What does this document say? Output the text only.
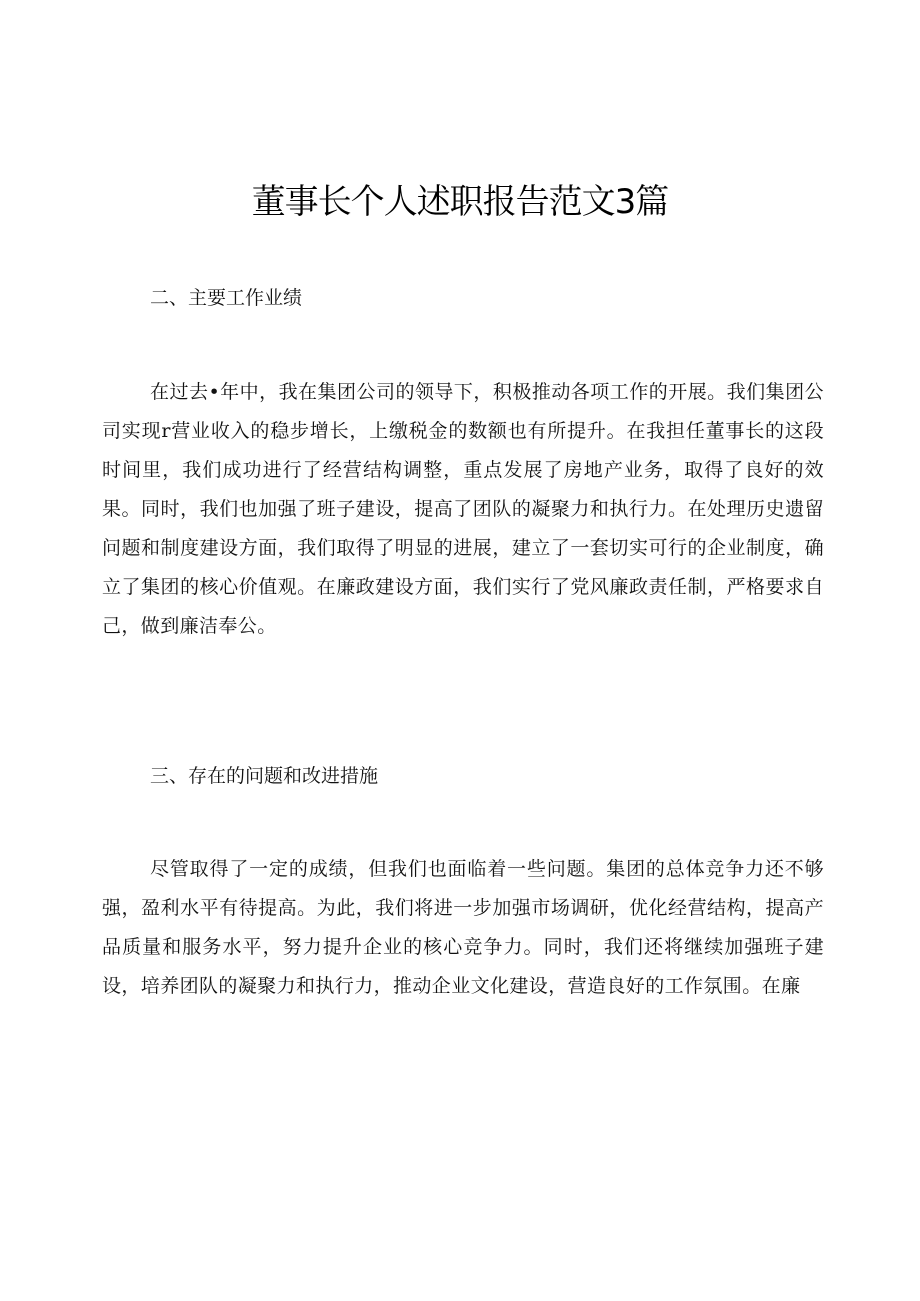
董事长个人述职报告范文3篇
二、主要工作业绩

在过去•年中，我在集团公司的领导下，积极推动各项工作的开展。我们集团公司实现r营业收入的稳步增长，上缴税金的数额也有所提升。在我担任董事长的这段时间里，我们成功进行了经营结构调整，重点发展了房地产业务，取得了良好的效果。同时，我们也加强了班子建设，提高了团队的凝聚力和执行力。在处理历史遗留问题和制度建设方面，我们取得了明显的进展，建立了一套切实可行的企业制度，确立了集团的核心价值观。在廉政建设方面，我们实行了党风廉政责任制，严格要求自己，做到廉洁奉公。

三、存在的问题和改进措施

尽管取得了一定的成绩，但我们也面临着一些问题。集团的总体竞争力还不够强，盈利水平有待提高。为此，我们将进一步加强市场调研，优化经营结构，提高产品质量和服务水平，努力提升企业的核心竞争力。同时，我们还将继续加强班子建设，培养团队的凝聚力和执行力，推动企业文化建设，营造良好的工作氛围。在廉
